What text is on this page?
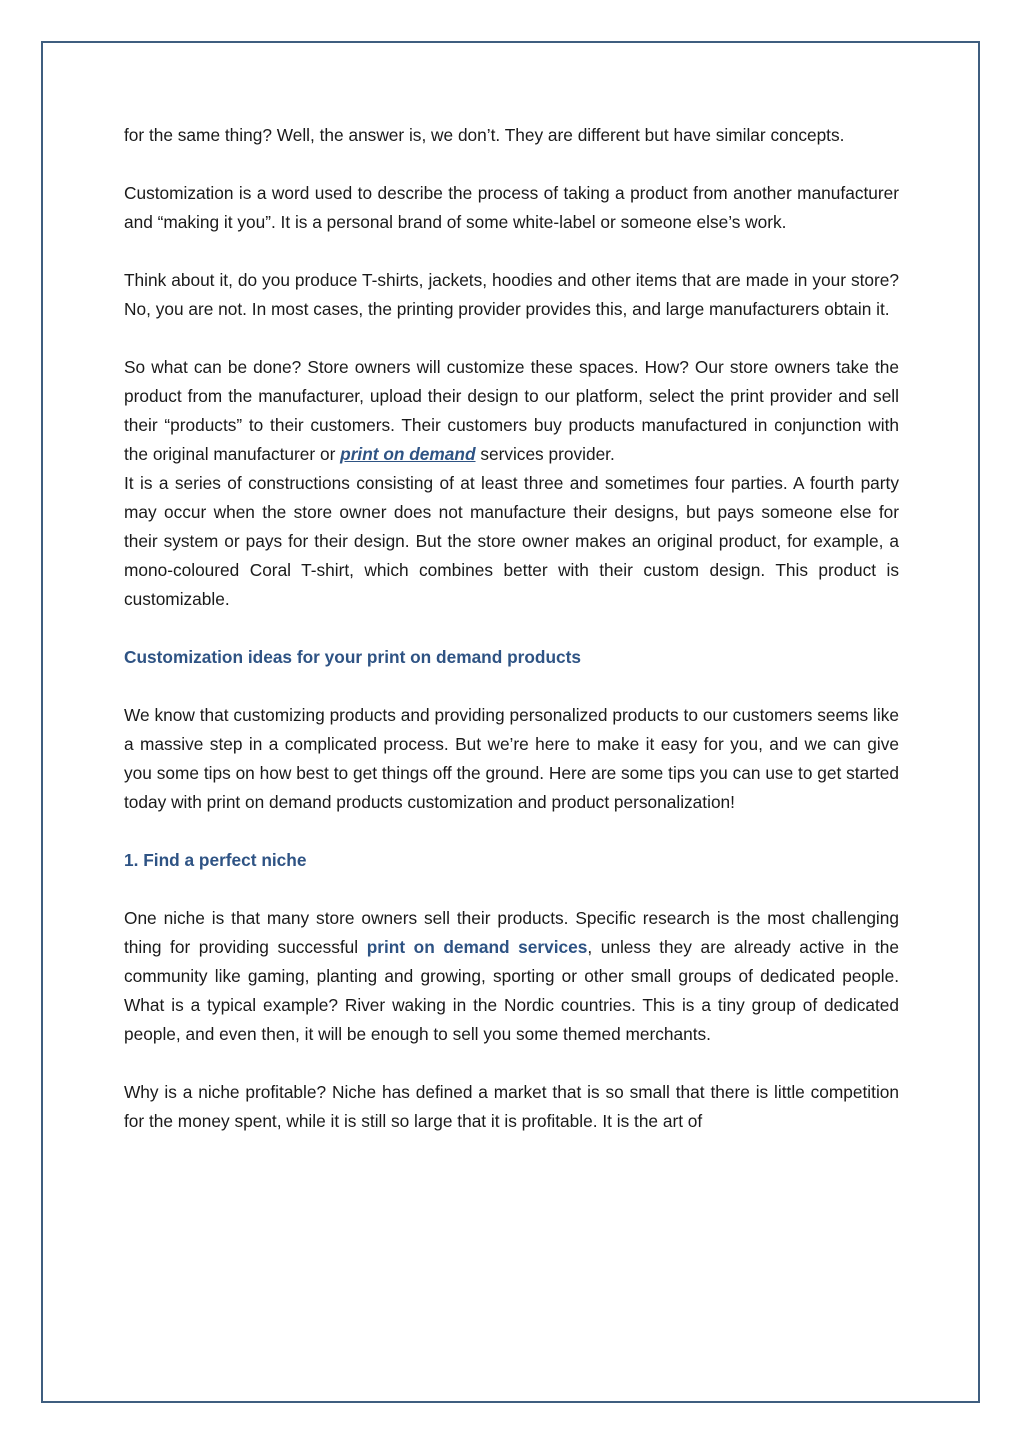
for the same thing? Well, the answer is, we don’t. They are different but have similar concepts.

Customization is a word used to describe the process of taking a product from another manufacturer and “making it you”. It is a personal brand of some white-label or someone else’s work.

Think about it, do you produce T-shirts, jackets, hoodies and other items that are made in your store? No, you are not. In most cases, the printing provider provides this, and large manufacturers obtain it.

So what can be done? Store owners will customize these spaces. How? Our store owners take the product from the manufacturer, upload their design to our platform, select the print provider and sell their “products” to their customers. Their customers buy products manufactured in conjunction with the original manufacturer or print on demand services provider.

It is a series of constructions consisting of at least three and sometimes four parties. A fourth party may occur when the store owner does not manufacture their designs, but pays someone else for their system or pays for their design. But the store owner makes an original product, for example, a mono-coloured Coral T-shirt, which combines better with their custom design. This product is customizable.

Customization ideas for your print on demand products

We know that customizing products and providing personalized products to our customers seems like a massive step in a complicated process. But we’re here to make it easy for you, and we can give you some tips on how best to get things off the ground. Here are some tips you can use to get started today with print on demand products customization and product personalization!

1. Find a perfect niche

One niche is that many store owners sell their products. Specific research is the most challenging thing for providing successful print on demand services, unless they are already active in the community like gaming, planting and growing, sporting or other small groups of dedicated people. What is a typical example? River waking in the Nordic countries. This is a tiny group of dedicated people, and even then, it will be enough to sell you some themed merchants.

Why is a niche profitable? Niche has defined a market that is so small that there is little competition for the money spent, while it is still so large that it is profitable. It is the art of
